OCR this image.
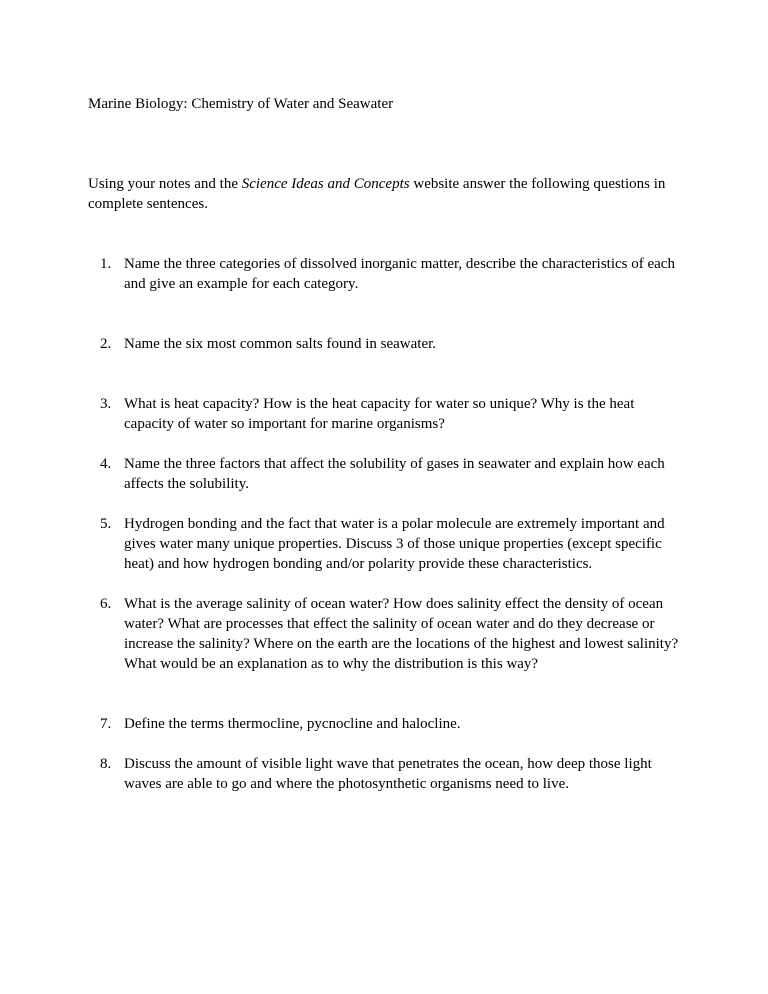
Marine Biology: Chemistry of Water and Seawater
Using your notes and the Science Ideas and Concepts website answer the following questions in complete sentences.
1. Name the three categories of dissolved inorganic matter, describe the characteristics of each and give an example for each category.
2. Name the six most common salts found in seawater.
3. What is heat capacity? How is the heat capacity for water so unique? Why is the heat capacity of water so important for marine organisms?
4. Name the three factors that affect the solubility of gases in seawater and explain how each affects the solubility.
5. Hydrogen bonding and the fact that water is a polar molecule are extremely important and gives water many unique properties. Discuss 3 of those unique properties (except specific heat) and how hydrogen bonding and/or polarity provide these characteristics.
6. What is the average salinity of ocean water? How does salinity effect the density of ocean water? What are processes that effect the salinity of ocean water and do they decrease or increase the salinity? Where on the earth are the locations of the highest and lowest salinity? What would be an explanation as to why the distribution is this way?
7. Define the terms thermocline, pycnocline and halocline.
8. Discuss the amount of visible light wave that penetrates the ocean, how deep those light waves are able to go and where the photosynthetic organisms need to live.
